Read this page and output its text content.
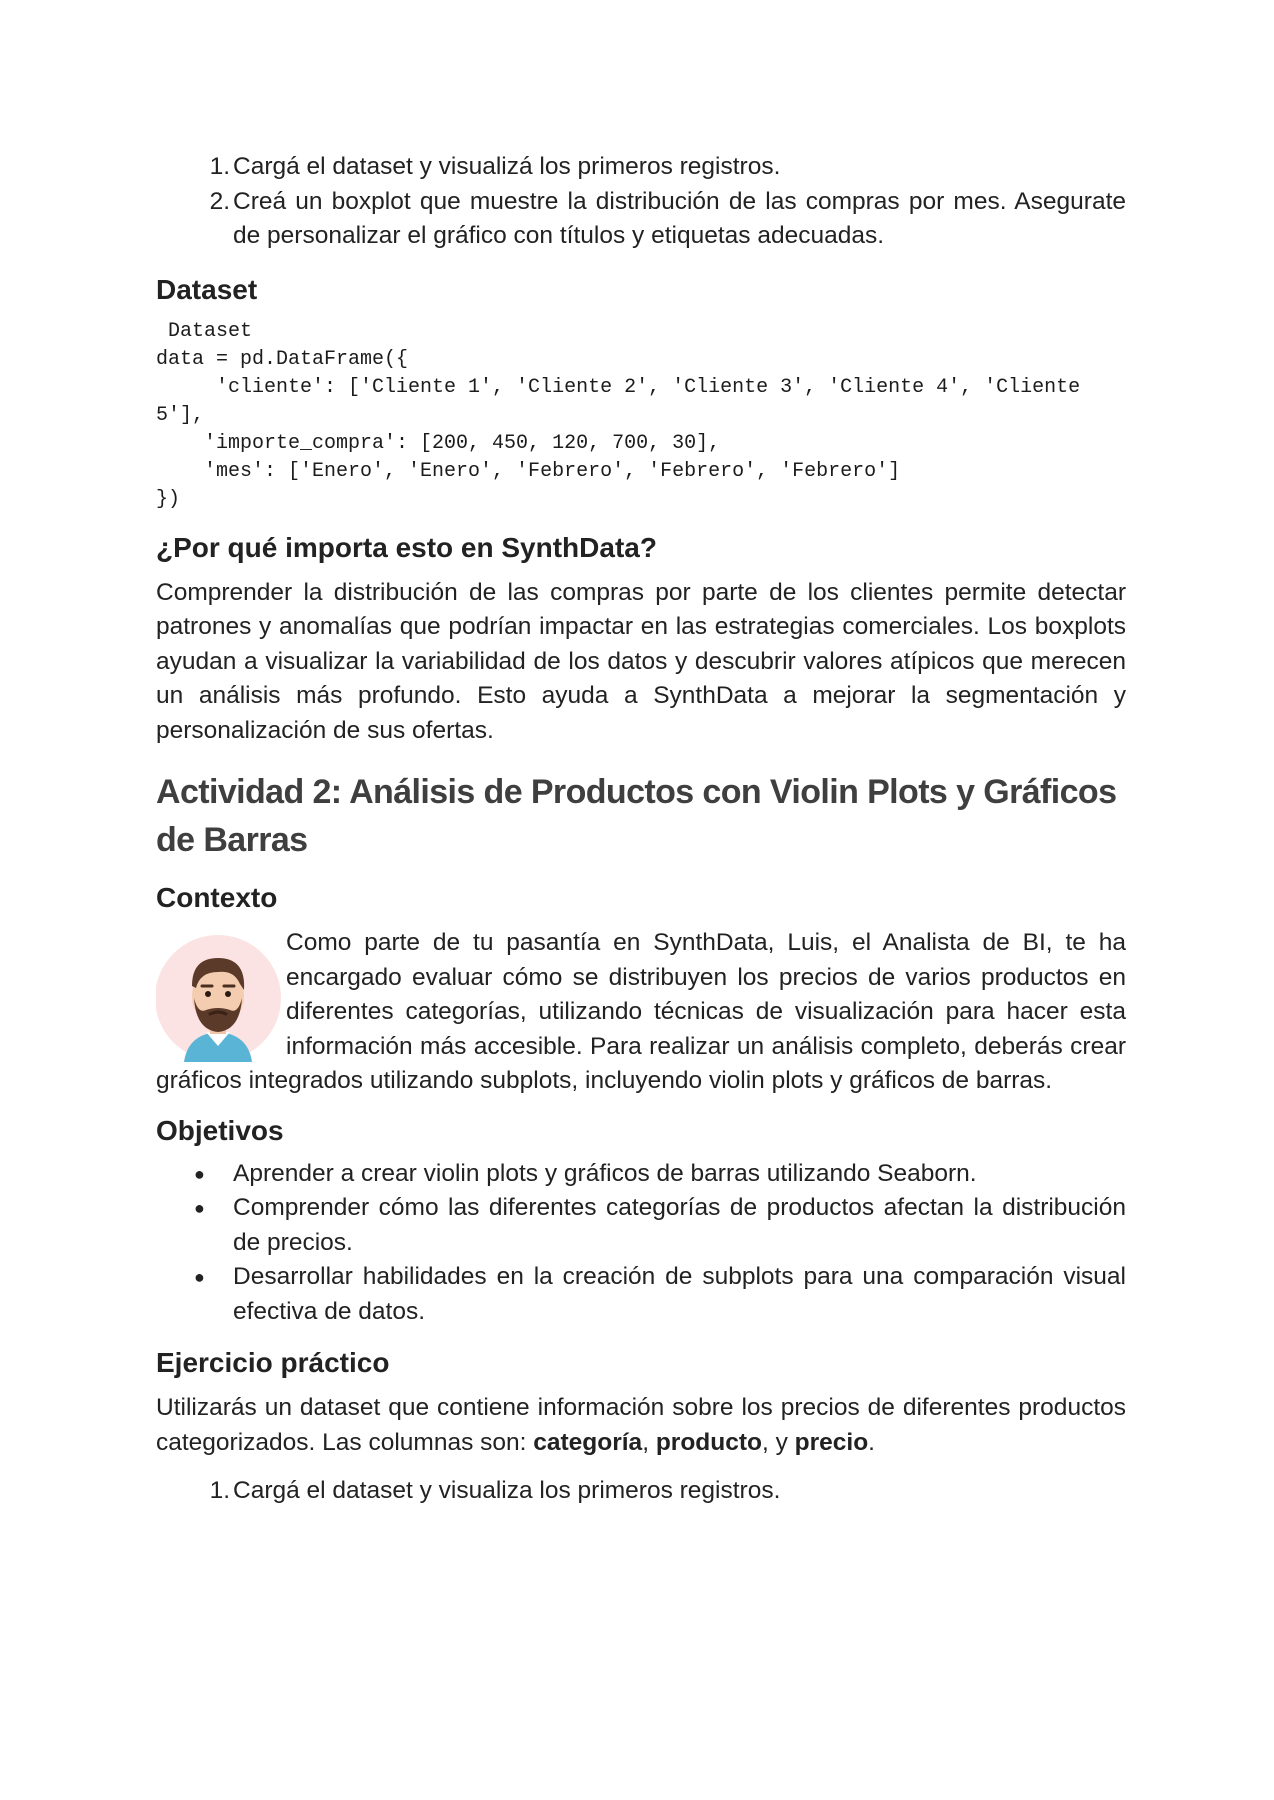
1. Cargá el dataset y visualizá los primeros registros.
2. Creá un boxplot que muestre la distribución de las compras por mes. Asegurate de personalizar el gráfico con títulos y etiquetas adecuadas.
Dataset
Dataset
data = pd.DataFrame({
'cliente': ['Cliente 1', 'Cliente 2', 'Cliente 3', 'Cliente 4', 'Cliente
5'],
'importe_compra': [200, 450, 120, 700, 30],
'mes': ['Enero', 'Enero', 'Febrero', 'Febrero', 'Febrero']
})
¿Por qué importa esto en SynthData?

Comprender la distribución de las compras por parte de los clientes permite detectar patrones y anomalías que podrían impactar en las estrategias comerciales. Los boxplots ayudan a visualizar la variabilidad de los datos y descubrir valores atípicos que merecen un análisis más profundo. Esto ayuda a SynthData a mejorar la segmentación y personalización de sus ofertas.

Actividad 2: Análisis de Productos con Violin Plots y Gráficos de Barras
Contexto

Como parte de tu pasantía en SynthData, Luis, el Analista de BI, te ha encargado evaluar cómo se distribuyen los precios de varios productos en diferentes categorías, utilizando técnicas de visualización para hacer esta información más accesible. Para realizar un análisis completo, deberás crear gráficos integrados utilizando subplots, incluyendo violin plots y gráficos de barras.

Objetivos
● Aprender a crear violin plots y gráficos de barras utilizando Seaborn.
● Comprender cómo las diferentes categorías de productos afectan la distribución de precios.
● Desarrollar habilidades en la creación de subplots para una comparación visual efectiva de datos.
Ejercicio práctico

Utilizarás un dataset que contiene información sobre los precios de diferentes productos categorizados. Las columnas son: categoría, producto, y precio.

1. Cargá el dataset y visualiza los primeros registros.
